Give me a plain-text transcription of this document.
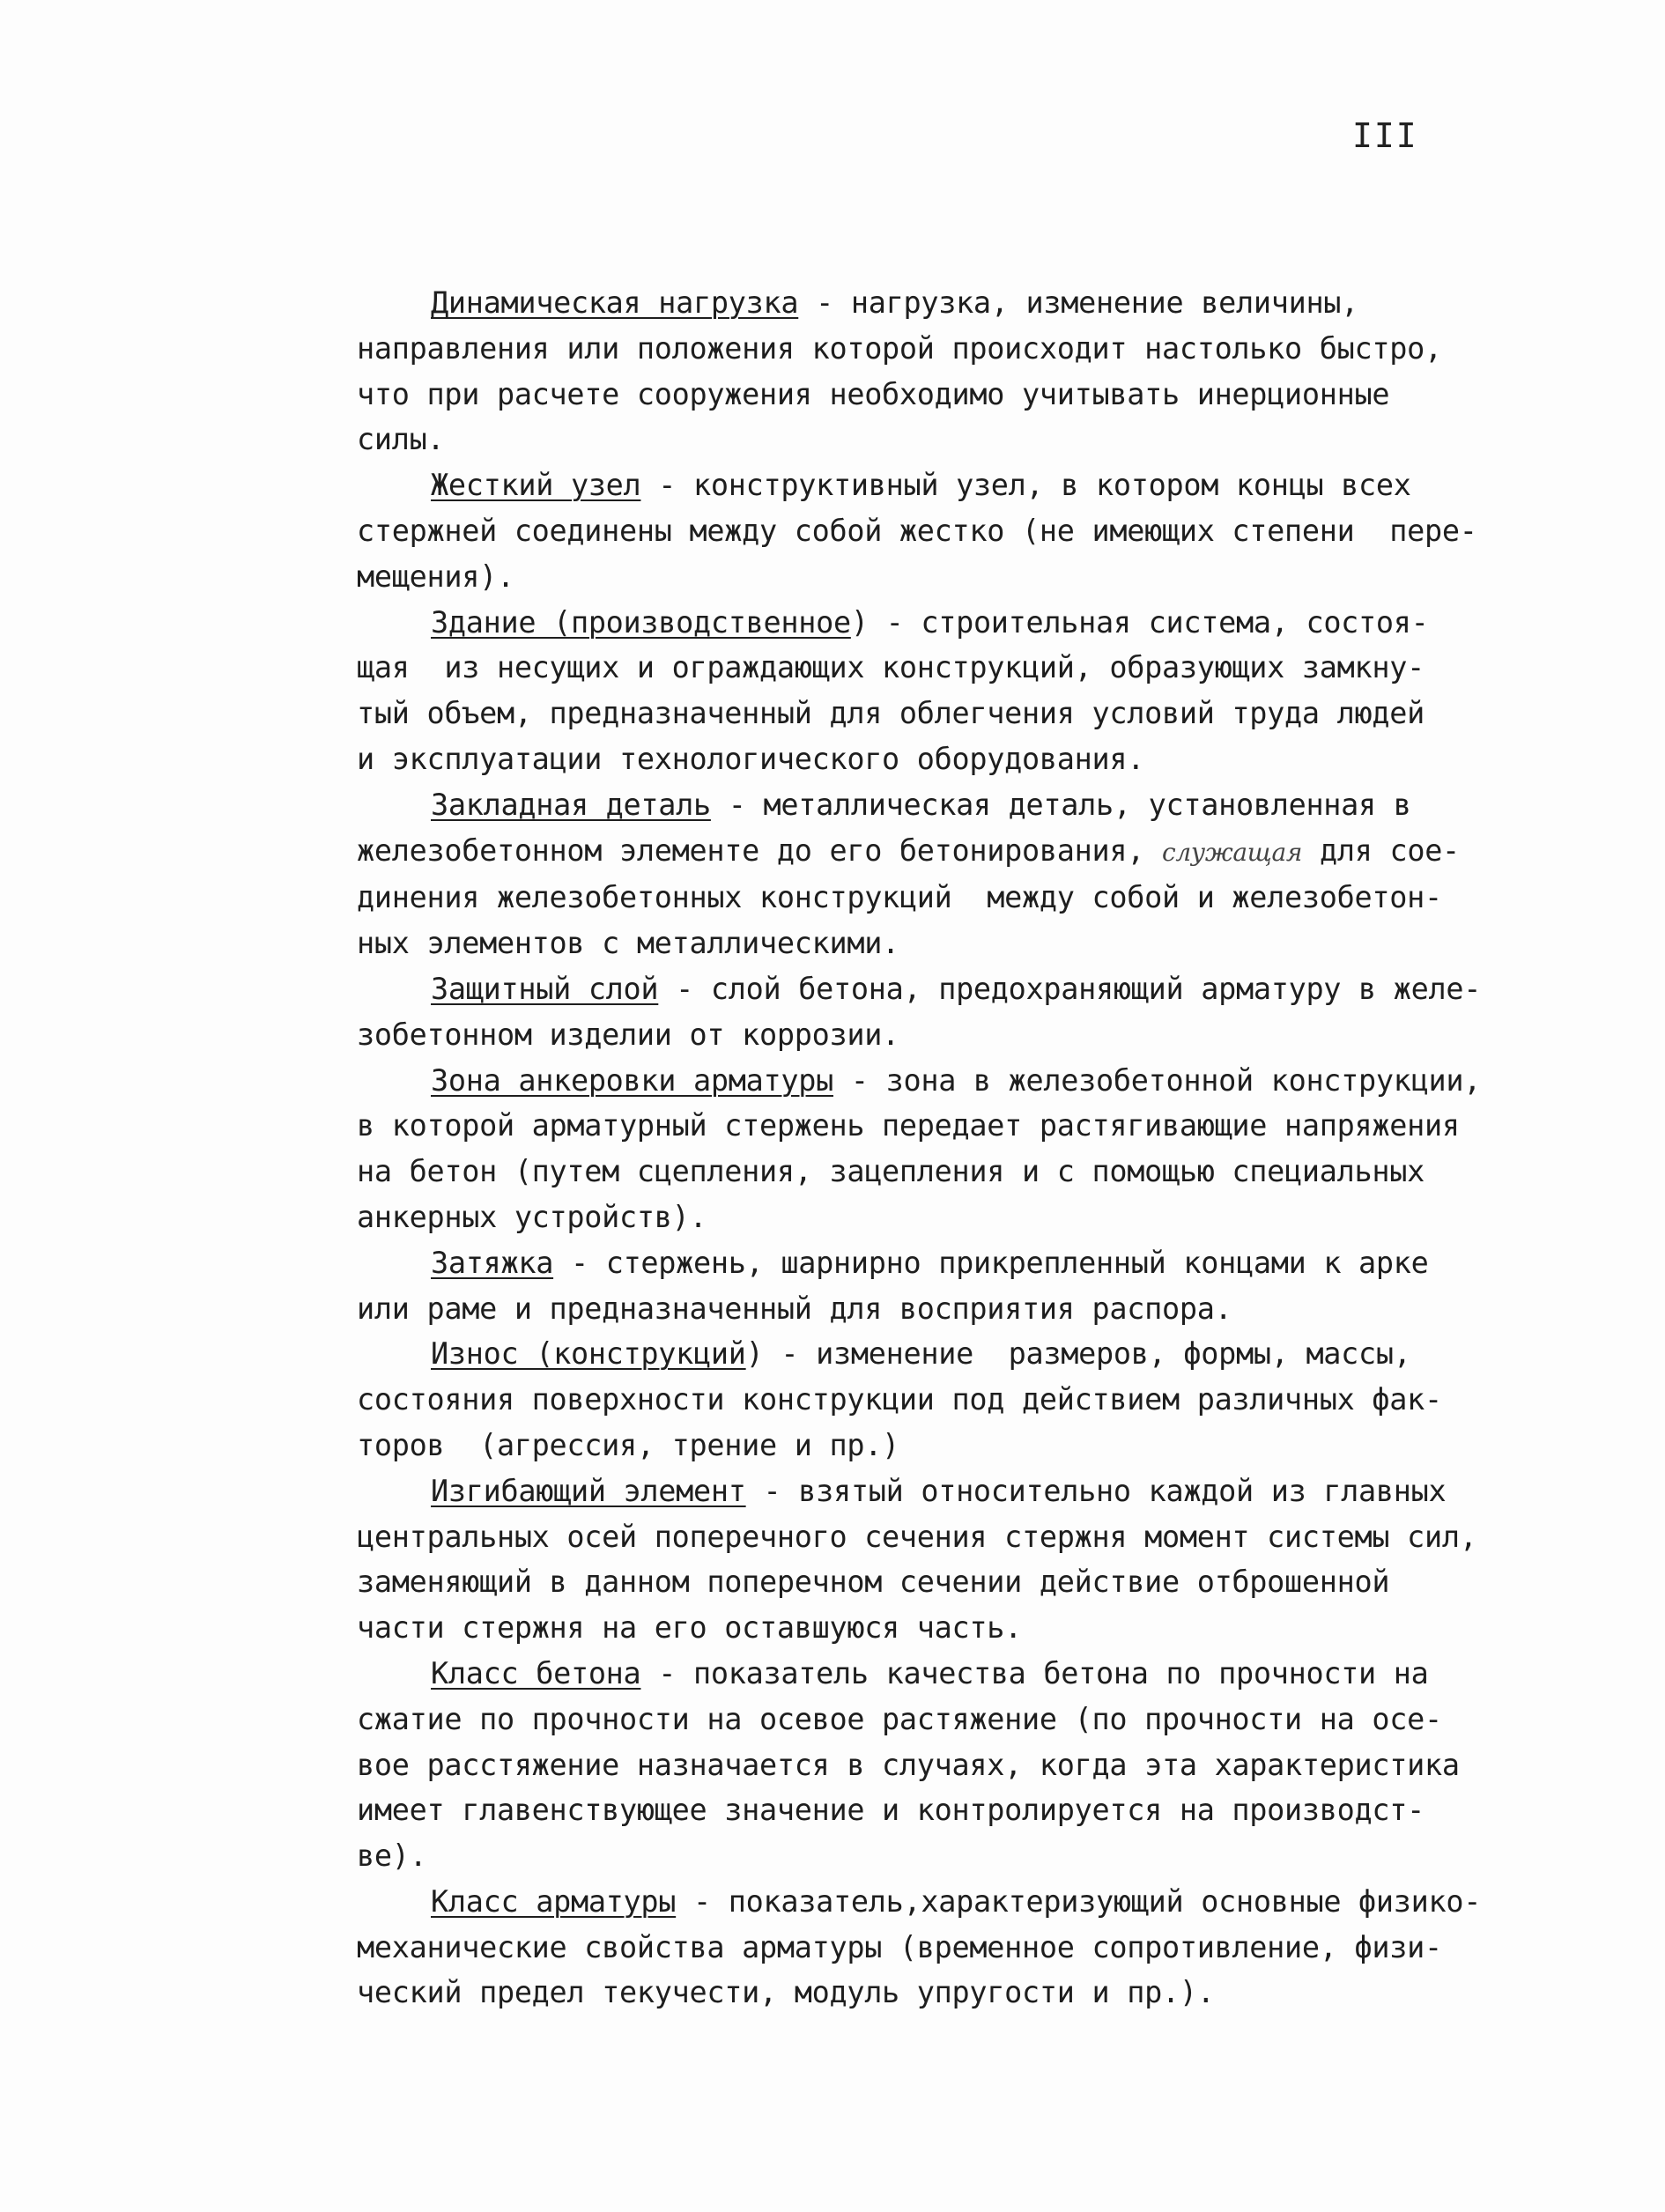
III

Динамическая нагрузка - нагрузка, изменение величины,
направления или положения которой происходит настолько быстро,
что при расчете сооружения необходимо учитывать инерционные
силы.

Жесткий узел - конструктивный узел, в котором концы всех
стержней соединены между собой жестко (не имеющих степени  пере-
мещения).

Здание (производственное) - строительная система, состоя-
щая  из несущих и ограждающих конструкций, образующих замкну-
тый объем, предназначенный для облегчения условий труда людей
и эксплуатации технологического оборудования.

Закладная деталь - металлическая деталь, установленная в
железобетонном элементе до его бетонирования, служащая для сое-
динения железобетонных конструкций  между собой и железобетон-
ных элементов с металлическими.

Защитный слой - слой бетона, предохраняющий арматуру в желе-
зобетонном изделии от коррозии.

Зона анкеровки арматуры - зона в железобетонной конструкции,
в которой арматурный стержень передает растягивающие напряжения
на бетон (путем сцепления, зацепления и с помощью специальных
анкерных устройств).

Затяжка - стержень, шарнирно прикрепленный концами к арке
или раме и предназначенный для восприятия распора.

Износ (конструкций) - изменение  размеров, формы, массы,
состояния поверхности конструкции под действием различных фак-
торов  (агрессия, трение и пр.)

Изгибающий элемент - взятый относительно каждой из главных
центральных осей поперечного сечения стержня момент системы сил,
заменяющий в данном поперечном сечении действие отброшенной
части стержня на его оставшуюся часть.

Класс бетона - показатель качества бетона по прочности на
сжатие по прочности на осевое растяжение (по прочности на осе-
вое расстяжение назначается в случаях, когда эта характеристика
имеет главенствующее значение и контролируется на производст-
ве).

Класс арматуры - показатель,характеризующий основные физико-
механические свойства арматуры (временное сопротивление, физи-
ческий предел текучести, модуль упругости и пр.).
